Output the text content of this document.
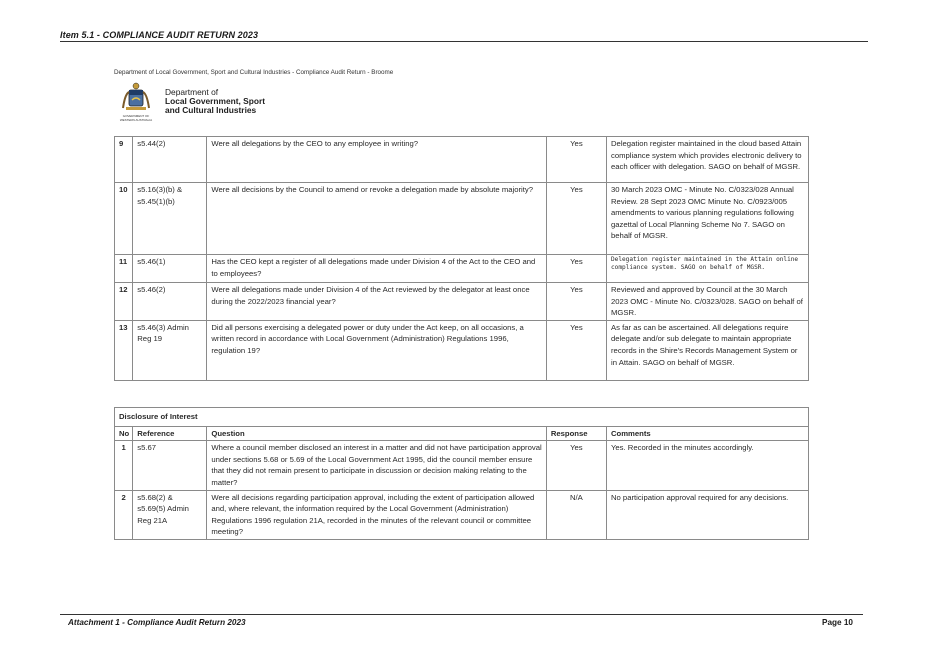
Item 5.1 - COMPLIANCE AUDIT RETURN 2023
Department of Local Government, Sport and Cultural Industries - Compliance Audit Return - Broome
GOVERNMENT OF WESTERN AUSTRALIA
Department of
Local Government, Sport
and Cultural Industries
9	s5.44(2)	Were all delegations by the CEO to any employee in writing?	Yes	Delegation register maintained in the cloud based Attain compliance system which provides electronic delivery to each officer with delegation. SAGO on behalf of MGSR.
10	s5.16(3)(b) & s5.45(1)(b)	Were all decisions by the Council to amend or revoke a delegation made by absolute majority?	Yes	30 March 2023 OMC - Minute No. C/0323/028 Annual Review. 28 Sept 2023 OMC Minute No. C/0923/005 amendments to various planning regulations following gazettal of Local Planning Scheme No 7. SAGO on behalf of MGSR.
11	s5.46(1)	Has the CEO kept a register of all delegations made under Division 4 of the Act to the CEO and to employees?	Yes	Delegation register maintained in the Attain online compliance system. SAGO on behalf of MGSR.
12	s5.46(2)	Were all delegations made under Division 4 of the Act reviewed by the delegator at least once during the 2022/2023 financial year?	Yes	Reviewed and approved by Council at the 30 March 2023 OMC - Minute No. C/0323/028. SAGO on behalf of MGSR.
13	s5.46(3) Admin Reg 19	Did all persons exercising a delegated power or duty under the Act keep, on all occasions, a written record in accordance with Local Government (Administration) Regulations 1996, regulation 19?	Yes	As far as can be ascertained. All delegations require delegate and/or sub delegate to maintain appropriate records in the Shire's Records Management System or in Attain. SAGO on behalf of MGSR.
Disclosure of Interest				
No	Reference	Question	Response	Comments
1	s5.67	Where a council member disclosed an interest in a matter and did not have participation approval under sections 5.68 or 5.69 of the Local Government Act 1995, did the council member ensure that they did not remain present to participate in discussion or decision making relating to the matter?	Yes	Yes. Recorded in the minutes accordingly.
2	s5.68(2) & s5.69(5) Admin Reg 21A	Were all decisions regarding participation approval, including the extent of participation allowed and, where relevant, the information required by the Local Government (Administration) Regulations 1996 regulation 21A, recorded in the minutes of the relevant council or committee meeting?	N/A	No participation approval required for any decisions.
Attachment 1 - Compliance Audit Return 2023	Page 10
